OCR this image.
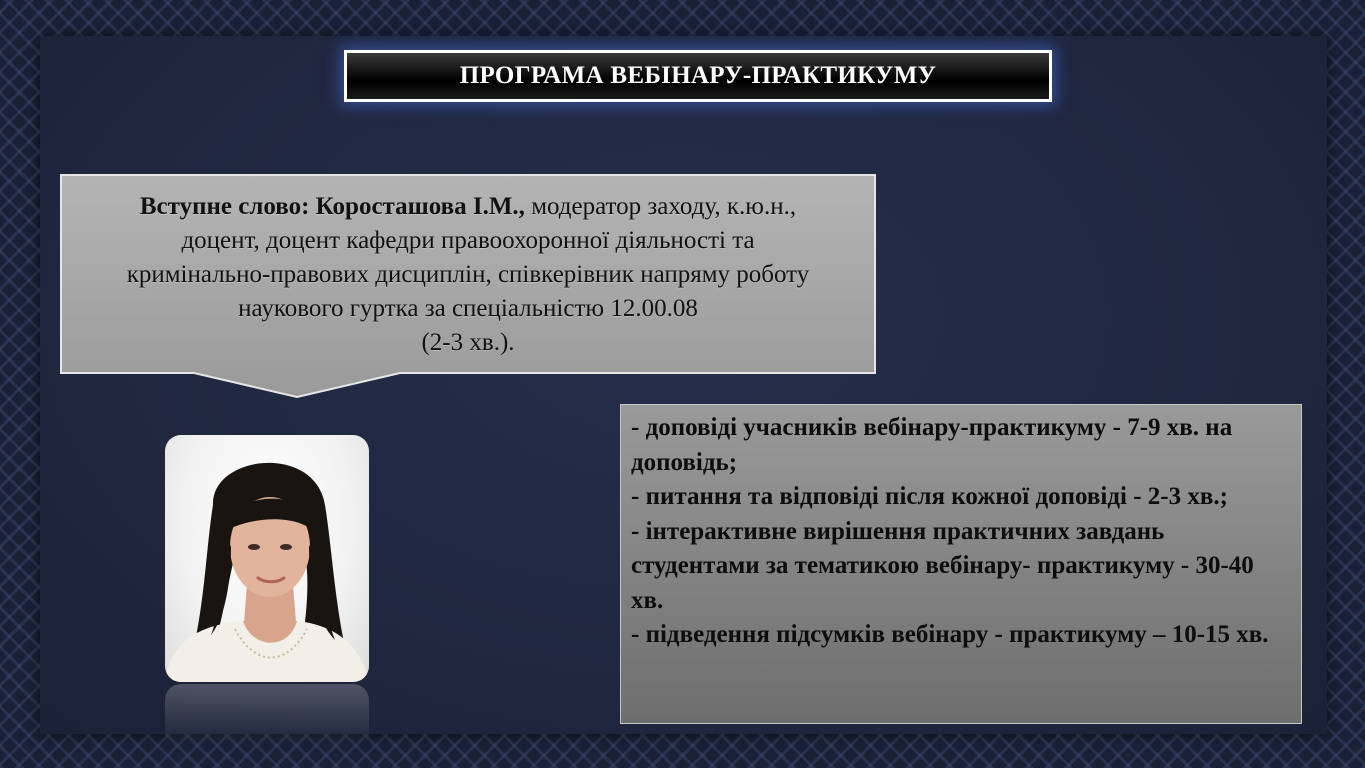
ПРОГРАМА ВЕБІНАРУ-ПРАКТИКУМУ
Вступне слово: Коросташова І.М., модератор заходу, к.ю.н.,
доцент, доцент кафедри правоохоронної діяльності та
кримінально-правових дисциплін, співкерівник напряму роботу
наукового гуртка за спеціальністю 12.00.08
(2-3 хв.).

- доповіді учасників вебінару-практикуму - 7-9 хв. на доповідь;

- питання та відповіді після кожної доповіді - 2-3 хв.;

- інтерактивне вирішення практичних завдань студентами за тематикою вебінару- практикуму - 30-40 хв.

- підведення підсумків вебінару - практикуму – 10-15 хв.
